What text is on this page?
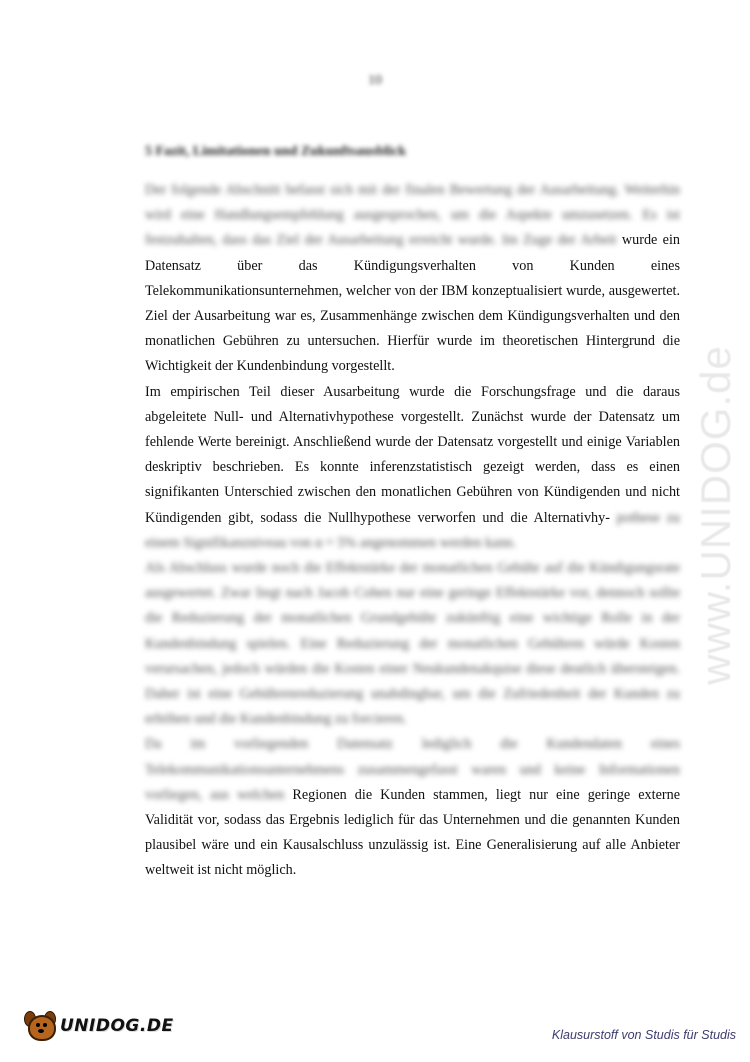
10
5 Fazit, Limitationen und Zukunftsausblick

Der folgende Abschnitt befasst sich mit der finalen Bewertung der Ausarbeitung. Weiterhin wird eine Handlungsempfehlung ausgesprochen, um die Aspekte umzusetzen. Es ist festzuhalten, dass das Ziel der Ausarbeitung erreicht wurde. Im Zuge der Arbeit wurde ein Datensatz über das Kündigungsverhalten von Kunden eines Telekommunikationsunternehmen, welcher von der IBM konzeptualisiert wurde, ausgewertet. Ziel der Ausarbeitung war es, Zusammenhänge zwischen dem Kündigungsverhalten und den monatlichen Gebühren zu untersuchen. Hierfür wurde im theoretischen Hintergrund die Wichtigkeit der Kundenbindung vorgestellt.

Im empirischen Teil dieser Ausarbeitung wurde die Forschungsfrage und die daraus abgeleitete Null- und Alternativhypothese vorgestellt. Zunächst wurde der Datensatz um fehlende Werte bereinigt. Anschließend wurde der Datensatz vorgestellt und einige Variablen deskriptiv beschrieben. Es konnte inferenzstatistisch gezeigt werden, dass es einen signifikanten Unterschied zwischen den monatlichen Gebühren von Kündigenden und nicht Kündigenden gibt, sodass die Nullhypothese verworfen und die Alternativhy- pothese zu einem Signifikanzniveau von α = 5% angenommen werden kann.

Als Abschluss wurde noch die Effektstärke der monatlichen Gebühr auf die Kündigungsrate ausgewertet. Zwar liegt nach Jacob Cohen nur eine geringe Effektstärke vor, dennoch sollte die Reduzierung der monatlichen Grundgebühr zukünftig eine wichtige Rolle in der Kundenbindung spielen. Eine Reduzierung der monatlichen Gebühren würde Kosten verursachen, jedoch würden die Kosten einer Neukundenakquise diese deutlich übersteigen. Daher ist eine Gebührenreduzierung unabdingbar, um die Zufriedenheit der Kunden zu erhöhen und die Kundenbindung zu forcieren.

Da im vorliegenden Datensatz lediglich die Kundendaten eines Telekommunikationsunternehmens zusammengefasst waren und keine Informationen vorliegen, aus welchen Regionen die Kunden stammen, liegt nur eine geringe externe Validität vor, sodass das Ergebnis lediglich für das Unternehmen und die genannten Kunden plausibel wäre und ein Kausalschluss unzulässig ist. Eine Generalisierung auf alle Anbieter weltweit ist nicht möglich.

www.UNIDOG.de
UNIDOG.DE	Klausurstoff von Studis für Studis
